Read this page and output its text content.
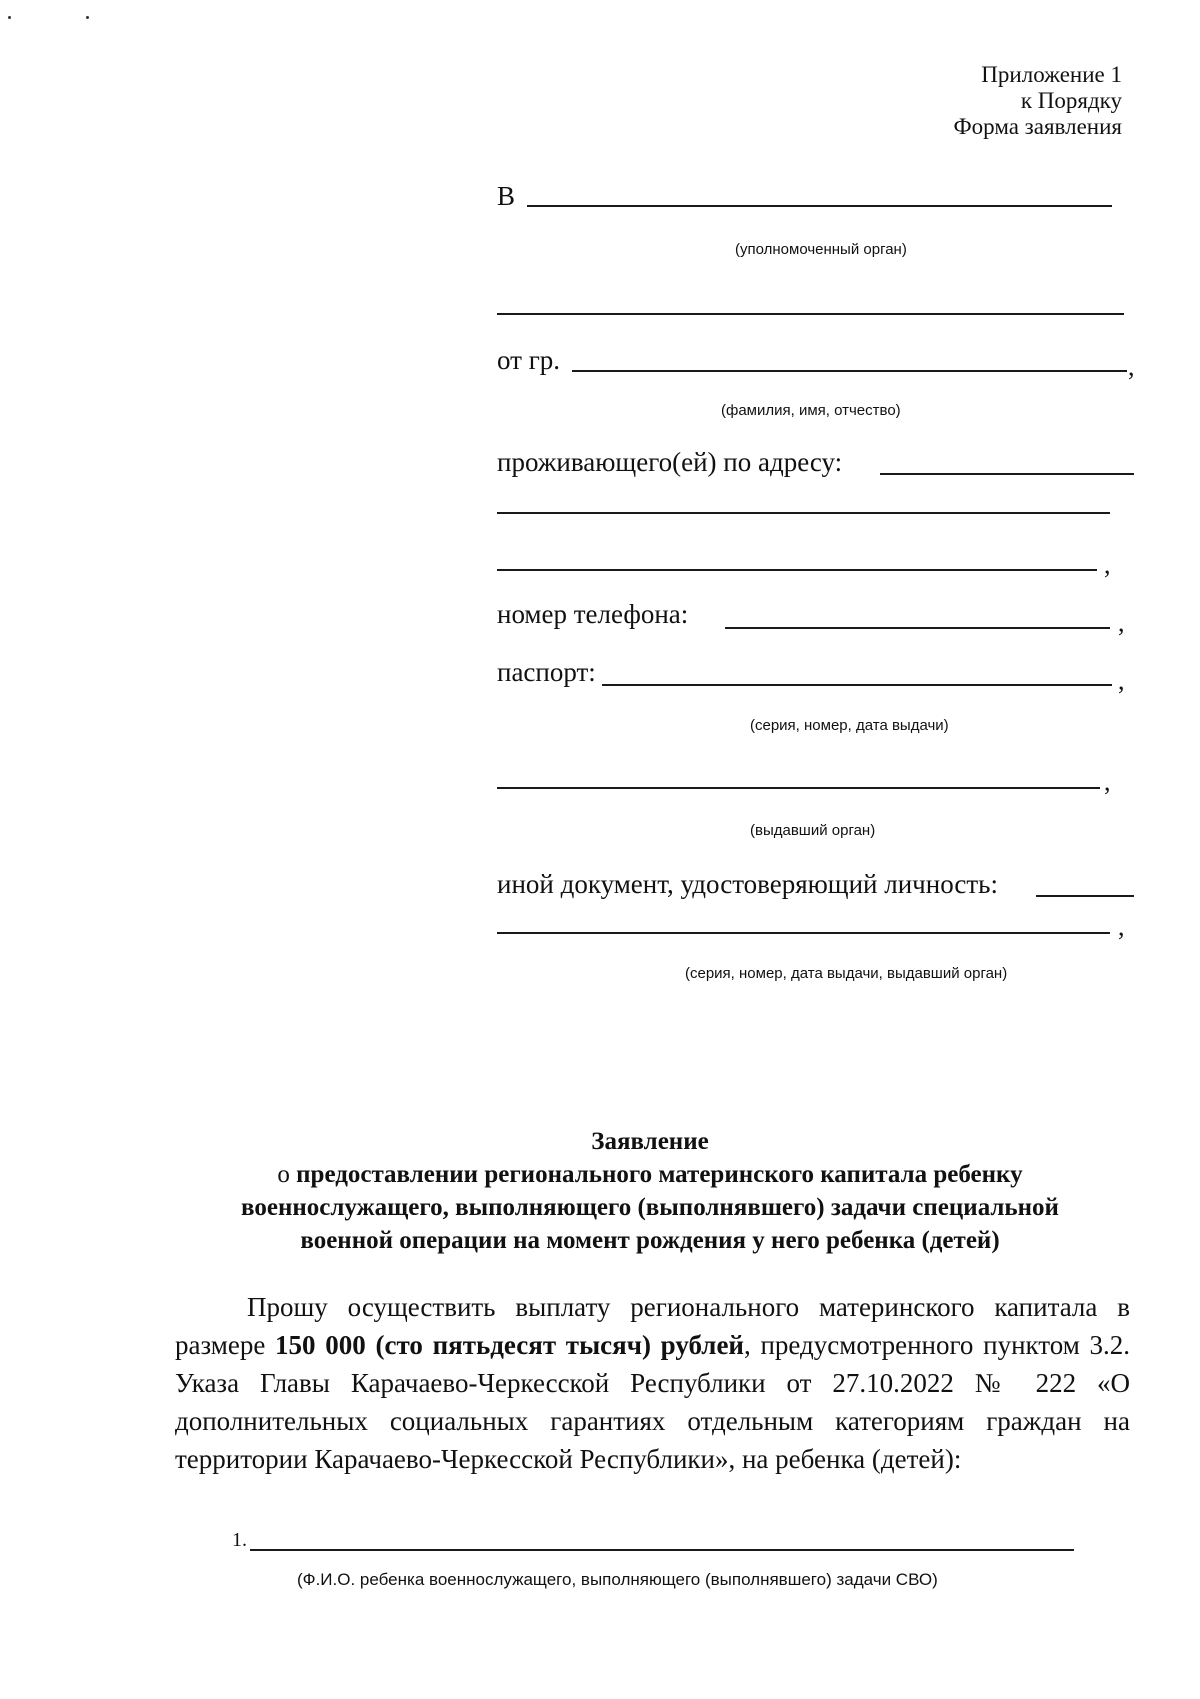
Приложение 1
к Порядку
Форма заявления
В
(уполномоченный орган)
от гр.	,
(фамилия, имя, отчество)
проживающего(ей) по адресу:
,
номер телефона:	,
паспорт:	,
(серия, номер, дата выдачи)
,
(выдавший орган)
иной документ, удостоверяющий личность:
,
(серия, номер, дата выдачи, выдавший орган)
Заявление
о предоставлении регионального материнского капитала ребенку
военнослужащего, выполняющего (выполнявшего) задачи специальной
военной операции на момент рождения у него ребенка (детей)
Прошу осуществить выплату регионального материнского капитала в размере 150 000 (сто пятьдесят тысяч) рублей, предусмотренного пунктом 3.2. Указа Главы Карачаево-Черкесской Республики от 27.10.2022 № 222 «О дополнительных социальных гарантиях отдельным категориям граждан на территории Карачаево-Черкесской Республики», на ребенка (детей):
1.
(Ф.И.О. ребенка военнослужащего, выполняющего (выполнявшего) задачи СВО)
